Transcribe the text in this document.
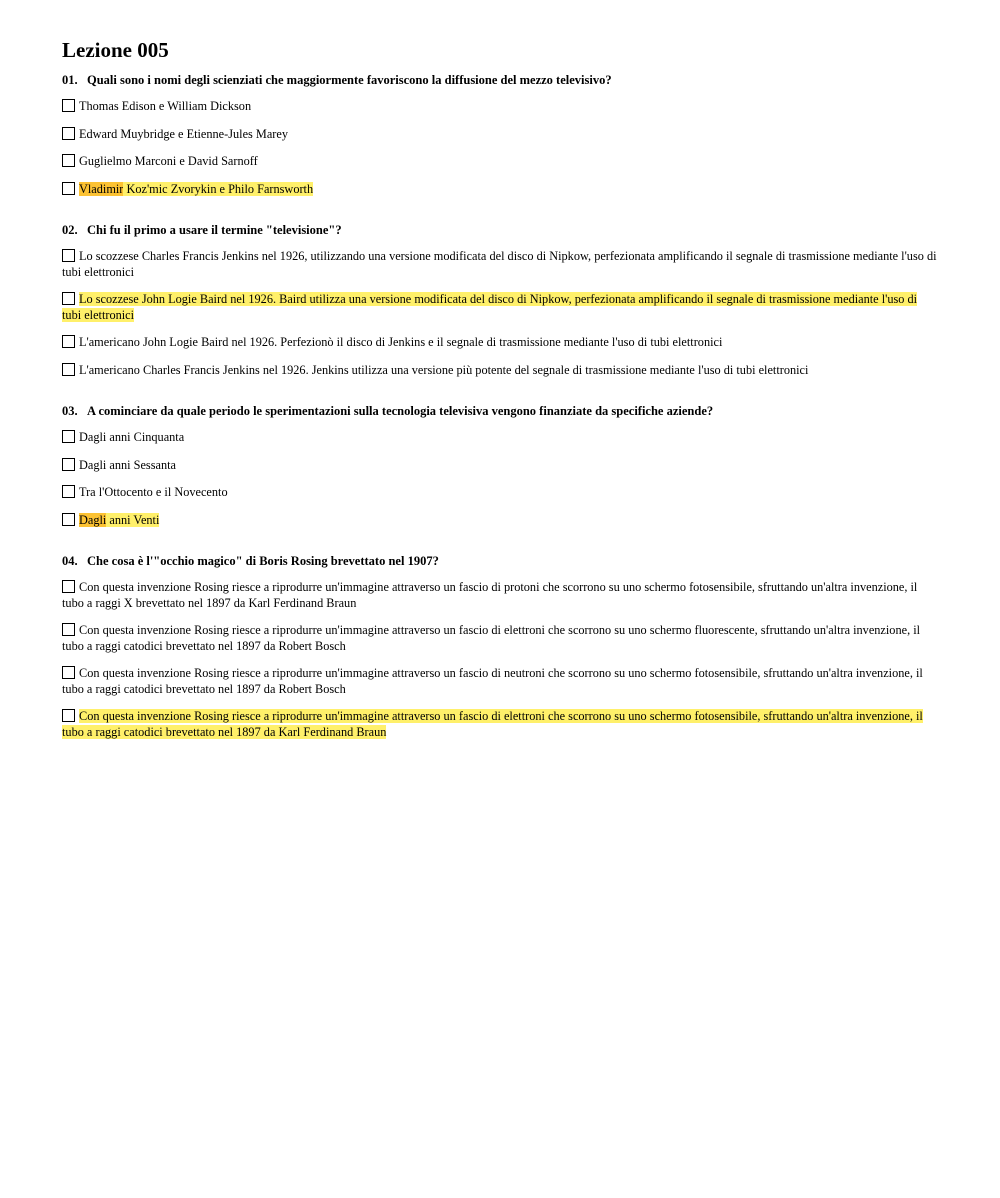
Lezione 005
01. Quali sono i nomi degli scienziati che maggiormente favoriscono la diffusione del mezzo televisivo?
Thomas Edison e William Dickson
Edward Muybridge e Etienne-Jules Marey
Guglielmo Marconi e David Sarnoff
Vladimir Koz'mic Zvorykin e Philo Farnsworth
02. Chi fu il primo a usare il termine "televisione"?
Lo scozzese Charles Francis Jenkins nel 1926, utilizzando una versione modificata del disco di Nipkow, perfezionata amplificando il segnale di trasmissione mediante l'uso di tubi elettronici
Lo scozzese John Logie Baird nel 1926. Baird utilizza una versione modificata del disco di Nipkow, perfezionata amplificando il segnale di trasmissione mediante l'uso di tubi elettronici
L'americano John Logie Baird nel 1926. Perfezionò il disco di Jenkins e il segnale di trasmissione mediante l'uso di tubi elettronici
L'americano Charles Francis Jenkins nel 1926. Jenkins utilizza una versione più potente del segnale di trasmissione mediante l'uso di tubi elettronici
03. A cominciare da quale periodo le sperimentazioni sulla tecnologia televisiva vengono finanziate da specifiche aziende?
Dagli anni Cinquanta
Dagli anni Sessanta
Tra l'Ottocento e il Novecento
Dagli anni Venti
04. Che cosa è l'"occhio magico" di Boris Rosing brevettato nel 1907?
Con questa invenzione Rosing riesce a riprodurre un'immagine attraverso un fascio di protoni che scorrono su uno schermo fotosensibile, sfruttando un'altra invenzione, il tubo a raggi X brevettato nel 1897 da Karl Ferdinand Braun
Con questa invenzione Rosing riesce a riprodurre un'immagine attraverso un fascio di elettroni che scorrono su uno schermo fluorescente, sfruttando un'altra invenzione, il tubo a raggi catodici brevettato nel 1897 da Robert Bosch
Con questa invenzione Rosing riesce a riprodurre un'immagine attraverso un fascio di neutroni che scorrono su uno schermo fotosensibile, sfruttando un'altra invenzione, il tubo a raggi catodici brevettato nel 1897 da Robert Bosch
Con questa invenzione Rosing riesce a riprodurre un'immagine attraverso un fascio di elettroni che scorrono su uno schermo fotosensibile, sfruttando un'altra invenzione, il tubo a raggi catodici brevettato nel 1897 da Karl Ferdinand Braun
